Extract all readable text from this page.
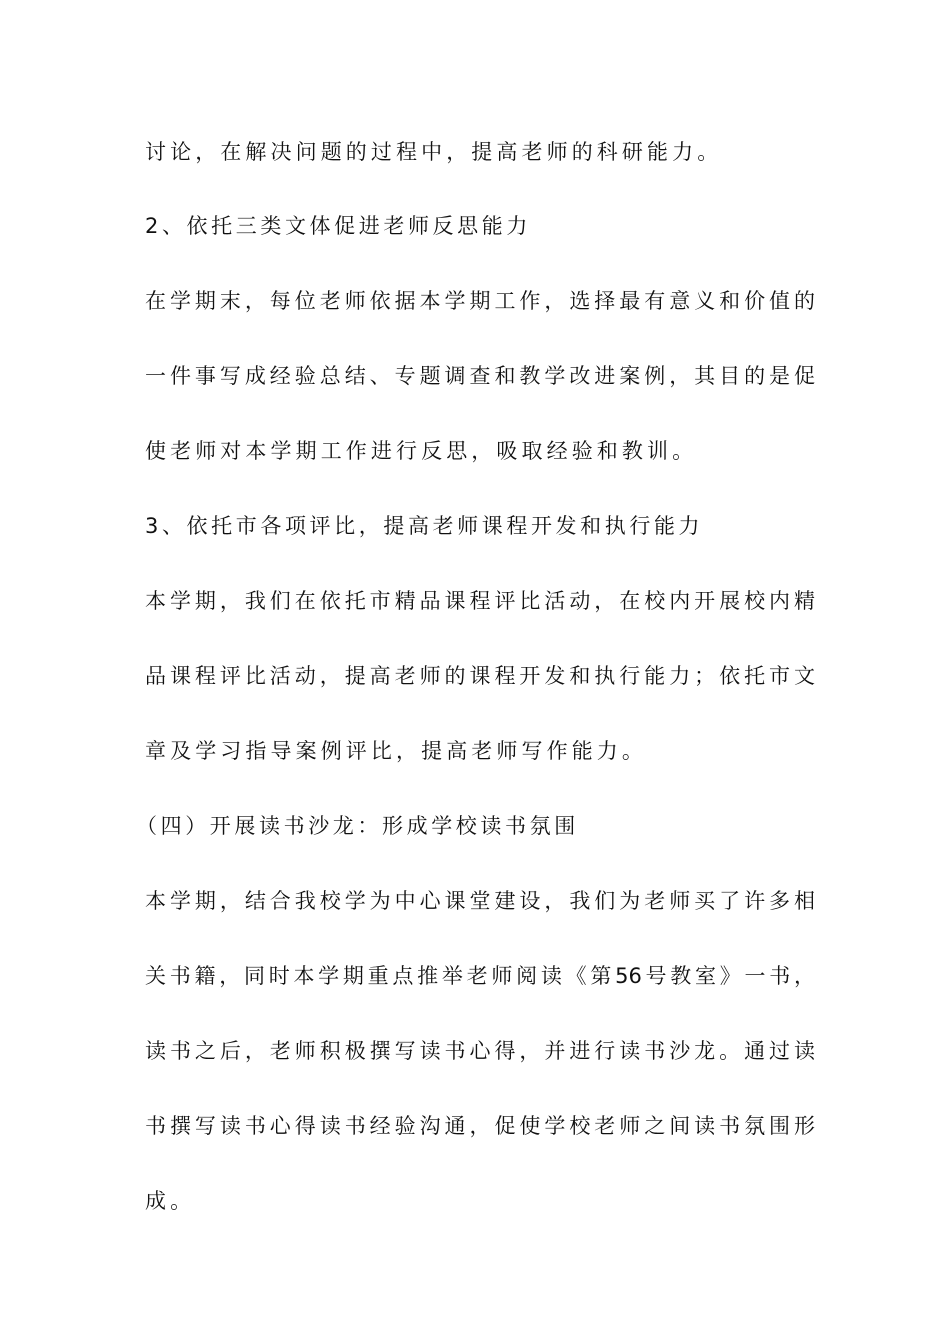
讨论，在解决问题的过程中，提高老师的科研能力。

2、依托三类文体促进老师反思能力

在学期末，每位老师依据本学期工作，选择最有意义和价值的

一件事写成经验总结、专题调查和教学改进案例，其目的是促

使老师对本学期工作进行反思，吸取经验和教训。

3、依托市各项评比，提高老师课程开发和执行能力

本学期，我们在依托市精品课程评比活动，在校内开展校内精

品课程评比活动，提高老师的课程开发和执行能力；依托市文

章及学习指导案例评比，提高老师写作能力。

（四）开展读书沙龙：形成学校读书氛围

本学期，结合我校学为中心课堂建设，我们为老师买了许多相

关书籍，同时本学期重点推举老师阅读《第56号教室》一书，

读书之后，老师积极撰写读书心得，并进行读书沙龙。通过读

书撰写读书心得读书经验沟通，促使学校老师之间读书氛围形

成。
